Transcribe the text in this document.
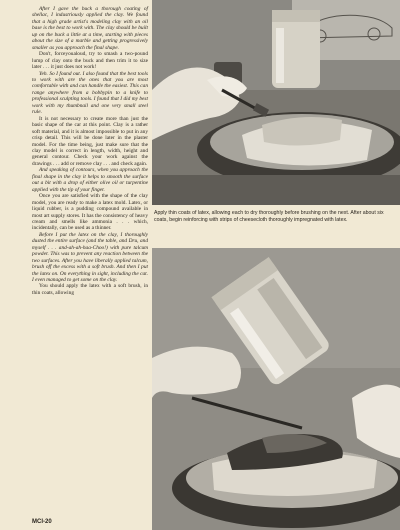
After I gave the buck a thorough coating of shellac, I industriously applied the clay. We found that a high grade artist's modeling clay with an oil base is the best to work with. The clay should be built up on the buck a little at a time, starting with pieces about the size of a marble and getting progressively smaller as you approach the final shape.

Don't, forceyoualoud, try to smash a two-pound lump of clay onto the buck and then trim it to size later . . . it just does not work!

Yeh. So I found out. I also found that the best tools to work with are the ones that you are most comfortable with and can handle the easiest. This can range anywhere from a bobbypin to a knife to professional sculpting tools. I found that I did my best work with my thumbnail and one very small steel rule.

It is not necessary to create more than just the basic shape of the car at this point. Clay is a rather soft material, and it is almost impossible to put in any crisp detail. This will be done later in the plaster model. For the time being, just make sure that the clay model is correct in length, width, height and general contour. Check your work against the drawings . . . add or remove clay . . . and check again.

And speaking of contours, when you approach the final shape in the clay it helps to smooth the surface out a bit with a drop of either olive oil or turpentine applied with the tip of your finger.

Once you are satisfied with the shape of the clay model, you are ready to make a latex mold. Latex, or liquid rubber, is a pudding compound available in most art supply stores. It has the consistency of heavy cream and smells like ammonia . . . which, incidentally, can be used as a thinner.

Before I put the latex on the clay, I thoroughly dusted the entire surface (and the table, and Dru, and myself . . . and-ah-ah-haa-Choo!) with pure talcum powder. This was to prevent any reaction between the two surfaces. After you have liberally applied talcum, brush off the excess with a soft brush. And then I put the latex on. On everything in sight, including the cat. I even managed to get some on the clay.

You should apply the latex with a soft brush, in thin coats, allowing

Apply thin coats of latex, allowing each to dry thoroughly before brushing on the next. After about six coats, begin reinforcing with strips of cheesecloth thoroughly impregnated with latex.
MCI-20
